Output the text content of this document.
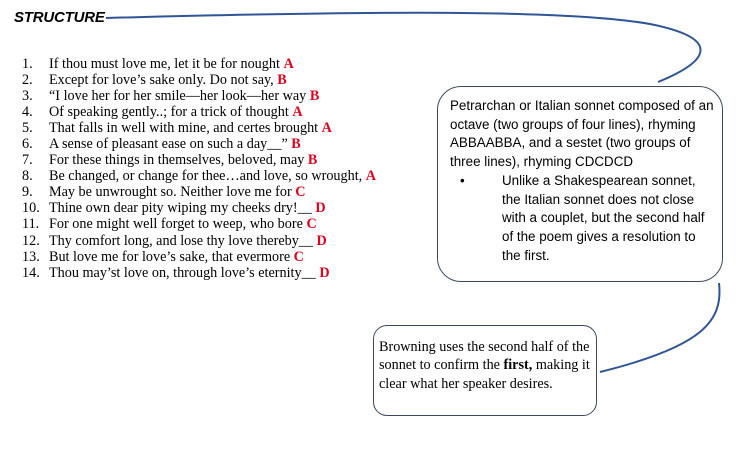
STRUCTURE
1. If thou must love me, let it be for nought A
2. Except for love’s sake only. Do not say, B
3. “I love her for her smile—her look—her way B
4. Of speaking gently..; for a trick of thought A
5. That falls in well with mine, and certes brought A
6. A sense of pleasant ease on such a day__” B
7. For these things in themselves, beloved, may B
8. Be changed, or change for thee…and love, so wrought, A
9. May be unwrought so. Neither love me for C
10. Thine own dear pity wiping my cheeks dry!__ D
11. For one might well forget to weep, who bore C
12. Thy comfort long, and lose thy love thereby__ D
13. But love me for love’s sake, that evermore C
14. Thou may’st love on, through love’s eternity__ D
Petrarchan or Italian sonnet composed of an octave (two groups of four lines), rhyming ABBAABBA, and a sestet (two groups of three lines), rhyming CDCDCD
•	Unlike a Shakespearean sonnet, the Italian sonnet does not close with a couplet, but the second half of the poem gives a resolution to the first.
Browning uses the second half of the sonnet to confirm the first, making it clear what her speaker desires.
